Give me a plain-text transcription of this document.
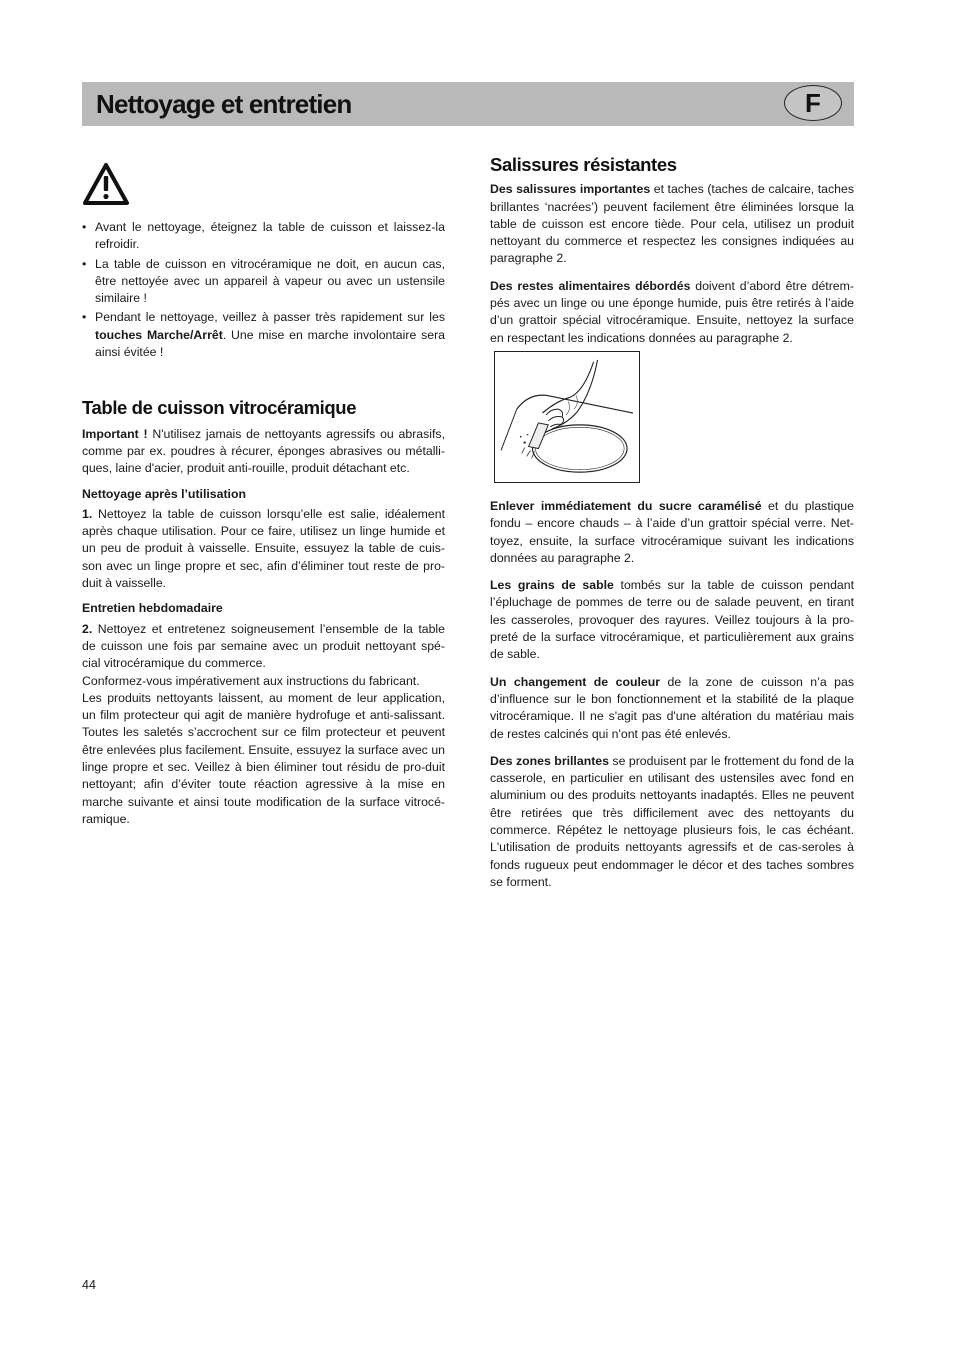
Nettoyage et entretien	F
• Avant le nettoyage, éteignez la table de cuisson et laissez-la refroidir.
• La table de cuisson en vitrocéramique ne doit, en aucun cas, être nettoyée avec un appareil à vapeur ou avec un ustensile similaire !
• Pendant le nettoyage, veillez à passer très rapidement sur les touches Marche/Arrêt. Une mise en marche involontaire sera ainsi évitée !
Table de cuisson vitrocéramique

Important ! N'utilisez jamais de nettoyants agressifs ou abrasifs, comme par ex. poudres à récurer, éponges abrasives ou métalli-ques, laine d'acier, produit anti-rouille, produit détachant etc.

Nettoyage après l’utilisation

1. Nettoyez la table de cuisson lorsqu’elle est salie, idéalement après chaque utilisation. Pour ce faire, utilisez un linge humide et un peu de produit à vaisselle. Ensuite, essuyez la table de cuis-son avec un linge propre et sec, afin d’éliminer tout reste de pro-duit à vaisselle.

Entretien hebdomadaire

2. Nettoyez et entretenez soigneusement l’ensemble de la table de cuisson une fois par semaine avec un produit nettoyant spé-cial vitrocéramique du commerce.

Conformez-vous impérativement aux instructions du fabricant.

Les produits nettoyants laissent, au moment de leur application, un film protecteur qui agit de manière hydrofuge et anti-salissant. Toutes les saletés s’accrochent sur ce film protecteur et peuvent être enlevées plus facilement. Ensuite, essuyez la surface avec un linge propre et sec. Veillez à bien éliminer tout résidu de pro-duit nettoyant; afin d’éviter toute réaction agressive à la mise en marche suivante et ainsi toute modification de la surface vitrocé-ramique.

Salissures résistantes

Des salissures importantes et taches (taches de calcaire, taches brillantes ‘nacrées’) peuvent facilement être éliminées lorsque la table de cuisson est encore tiède. Pour cela, utilisez un produit nettoyant du commerce et respectez les consignes indiquées au paragraphe 2.

Des restes alimentaires débordés doivent d’abord être détrem-pés avec un linge ou une éponge humide, puis être retirés à l’aide d’un grattoir spécial vitrocéramique. Ensuite, nettoyez la surface en respectant les indications données au paragraphe 2.

Enlever immédiatement du sucre caramélisé et du plastique fondu – encore chauds – à l’aide d’un grattoir spécial verre. Net-toyez, ensuite, la surface vitrocéramique suivant les indications données au paragraphe 2.

Les grains de sable tombés sur la table de cuisson pendant l’épluchage de pommes de terre ou de salade peuvent, en tirant les casseroles, provoquer des rayures. Veillez toujours à la pro-preté de la surface vitrocéramique, et particulièrement aux grains de sable.

Un changement de couleur de la zone de cuisson n’a pas d’influence sur le bon fonctionnement et la stabilité de la plaque vitrocéramique. Il ne s'agit pas d'une altération du matériau mais de restes calcinés qui n'ont pas été enlevés.

Des zones brillantes se produisent par le frottement du fond de la casserole, en particulier en utilisant des ustensiles avec fond en aluminium ou des produits nettoyants inadaptés. Elles ne peuvent être retirées que très difficilement avec des nettoyants du commerce. Répétez le nettoyage plusieurs fois, le cas échéant. L'utilisation de produits nettoyants agressifs et de cas-seroles à fonds rugueux peut endommager le décor et des taches sombres se forment.

44
